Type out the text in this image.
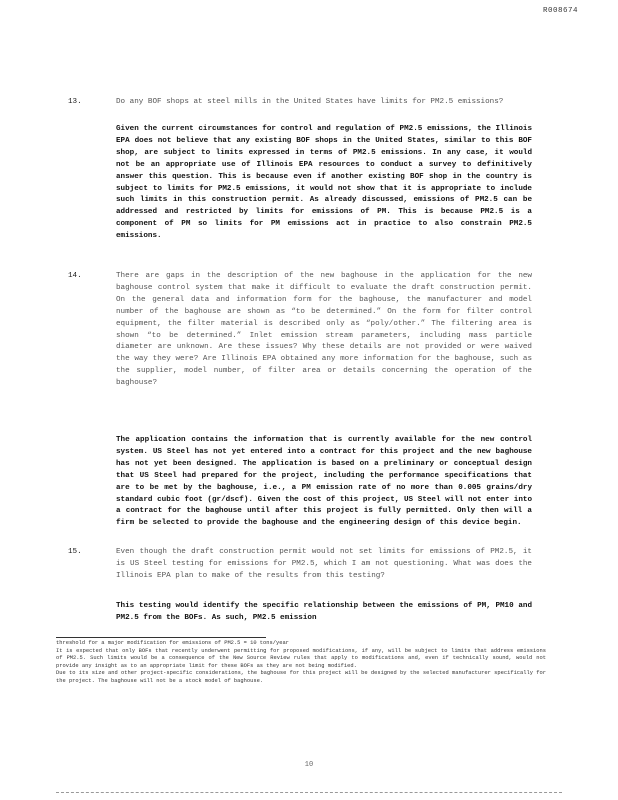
R008674
13.	Do any BOF shops at steel mills in the United States have limits for PM2.5 emissions?
Given the current circumstances for control and regulation of PM2.5 emissions, the Illinois EPA does not believe that any existing BOF shops in the United States, similar to this BOF shop, are subject to limits expressed in terms of PM2.5 emissions. In any case, it would not be an appropriate use of Illinois EPA resources to conduct a survey to definitively answer this question. This is because even if another existing BOF shop in the country is subject to limits for PM2.5 emissions, it would not show that it is appropriate to include such limits in this construction permit. As already discussed, emissions of PM2.5 can be addressed and restricted by limits for emissions of PM. This is because PM2.5 is a component of PM so limits for PM emissions act in practice to also constrain PM2.5 emissions.
14.	There are gaps in the description of the new baghouse in the application for the new baghouse control system that make it difficult to evaluate the draft construction permit. On the general data and information form for the baghouse, the manufacturer and model number of the baghouse are shown as “to be determined.” On the form for filter control equipment, the filter material is described only as “poly/other.” The filtering area is shown “to be determined.” Inlet emission stream parameters, including mass particle diameter are unknown. Are these issues? Why these details are not provided or were waived the way they were? Are Illinois EPA obtained any more information for the baghouse, such as the supplier, model number, of filter area or details concerning the operation of the baghouse?
The application contains the information that is currently available for the new control system. US Steel has not yet entered into a contract for this project and the new baghouse has not yet been designed. The application is based on a preliminary or conceptual design that US Steel had prepared for the project, including the performance specifications that are to be met by the baghouse, i.e., a PM emission rate of no more than 0.005 grains/dry standard cubic foot (gr/dscf). Given the cost of this project, US Steel will not enter into a contract for the baghouse until after this project is fully permitted. Only then will a firm be selected to provide the baghouse and the engineering design of this device begin.
15.	Even though the draft construction permit would not set limits for emissions of PM2.5, it is US Steel testing for emissions for PM2.5, which I am not questioning. What was does the Illinois EPA plan to make of the results from this testing?
This testing would identify the specific relationship between the emissions of PM, PM10 and PM2.5 from the BOFs. As such, PM2.5 emission

threshold for a major modification for emissions of PM2.5 = 10 tons/year

It is expected that only BOFs that recently underwent permitting for proposed modifications, if any, will be subject to limits that address emissions of PM2.5. Such limits would be a consequence of the New Source Review rules that apply to modifications and, even if technically sound, would not provide any insight as to an appropriate limit for these BOFs as they are not being modified.

Due to its size and other project-specific considerations, the baghouse for this project will be designed by the selected manufacturer specifically for the project. The baghouse will not be a stock model of baghouse.

10
